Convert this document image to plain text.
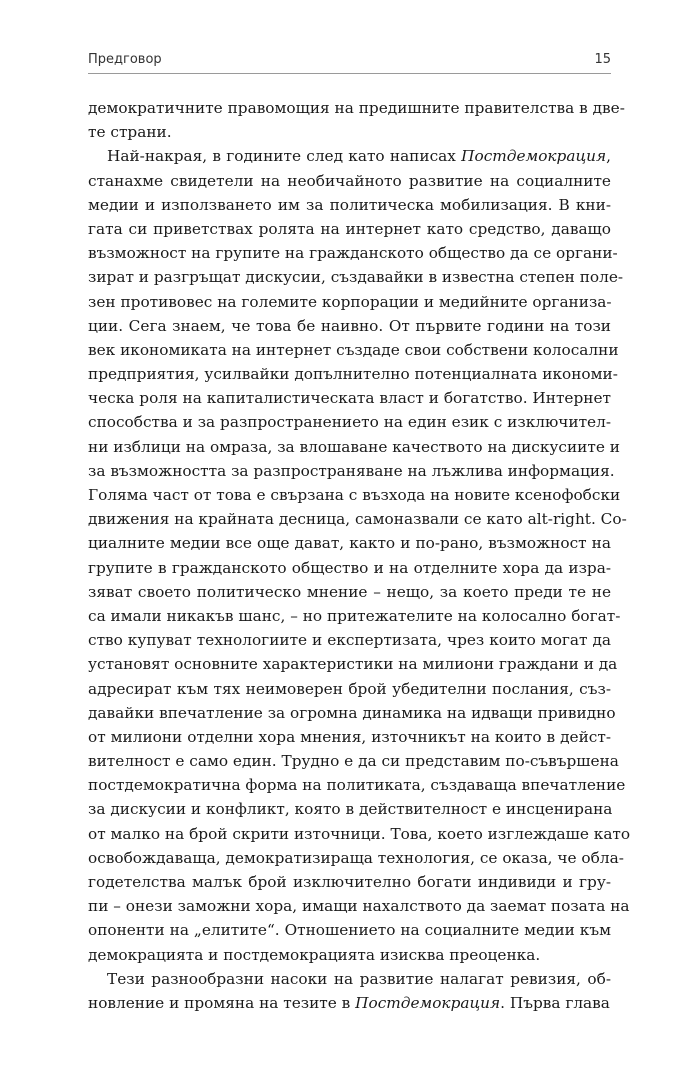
Предговор	15
демократичните правомощия на предишните правителства в две-
те страни.
Най-накрая, в годините след като написах Постдемокрация,
станахме свидетели на необичайното развитие на социалните
медии и използването им за политическа мобилизация. В кни-
гата си приветствах ролята на интернет като средство, даващо
възможност на групите на гражданското общество да се органи-
зират и разгръщат дискусии, създавайки в известна степен поле-
зен противовес на големите корпорации и медийните организа-
ции. Сега знаем, че това бе наивно. От първите години на този
век икономиката на интернет създаде свои собствени колосални
предприятия, усилвайки допълнително потенциалната икономи-
ческа роля на капиталистическата власт и богатство. Интернет
способства и за разпространението на един език с изключител-
ни изблици на омраза, за влошаване качеството на дискусиите и
за възможността за разпространяване на лъжлива информация.
Голяма част от това е свързана с възхода на новите ксенофобски
движения на крайната десница, самоназвали се като alt-right. Со-
циалните медии все още дават, както и по-рано, възможност на
групите в гражданското общество и на отделните хора да изра-
зяват своето политическо мнение – нещо, за което преди те не
са имали никакъв шанс, – но притежателите на колосално богат-
ство купуват технологиите и експертизата, чрез които могат да
установят основните характеристики на милиони граждани и да
адресират към тях неимоверен брой убедителни послания, съз-
давайки впечатление за огромна динамика на идващи привидно
от милиони отделни хора мнения, източникът на които в дейст-
вителност е само един. Трудно е да си представим по-съвършена
постдемократична форма на политиката, създаваща впечатление
за дискусии и конфликт, която в действителност е инсценирана
от малко на брой скрити източници. Това, което изглеждаше като
освобождаваща, демократизираща технология, се оказа, че обла-
годетелства малък брой изключително богати индивиди и гру-
пи – онези заможни хора, имащи нахалството да заемат позата на
опоненти на „елитите“. Отношението на социалните медии към
демокрацията и постдемокрацията изисква преоценка.
Тези разнообразни насоки на развитие налагат ревизия, об-
новление и промяна на тезите в Постдемокрация. Първа глава
